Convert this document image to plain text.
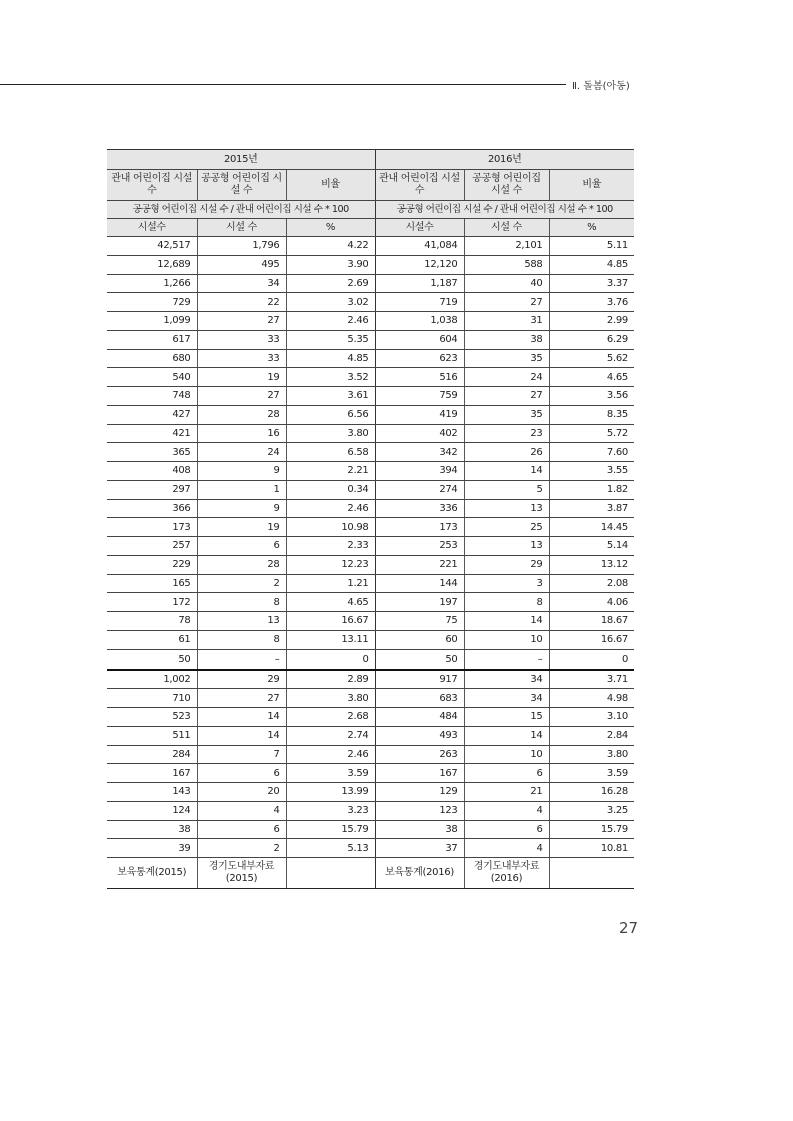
Ⅱ. 돌봄(아동)
2015년			2016년		
관내 어린이집 시설 수	공공형 어린이집 시설 수	비율	관내 어린이집 시설 수	공공형 어린이집 시설 수	비율
공공형 어린이집 시설 수 / 관내 어린이집 시설 수 * 100			공공형 어린이집 시설 수 / 관내 어린이집 시설 수 * 100		
시설수	시설 수	%	시설수	시설 수	%
42,517	1,796	4.22	41,084	2,101	5.11
12,689	495	3.90	12,120	588	4.85
1,266	34	2.69	1,187	40	3.37
729	22	3.02	719	27	3.76
1,099	27	2.46	1,038	31	2.99
617	33	5.35	604	38	6.29
680	33	4.85	623	35	5.62
540	19	3.52	516	24	4.65
748	27	3.61	759	27	3.56
427	28	6.56	419	35	8.35
421	16	3.80	402	23	5.72
365	24	6.58	342	26	7.60
408	9	2.21	394	14	3.55
297	1	0.34	274	5	1.82
366	9	2.46	336	13	3.87
173	19	10.98	173	25	14.45
257	6	2.33	253	13	5.14
229	28	12.23	221	29	13.12
165	2	1.21	144	3	2.08
172	8	4.65	197	8	4.06
78	13	16.67	75	14	18.67
61	8	13.11	60	10	16.67
50	–	0	50	–	0
1,002	29	2.89	917	34	3.71
710	27	3.80	683	34	4.98
523	14	2.68	484	15	3.10
511	14	2.74	493	14	2.84
284	7	2.46	263	10	3.80
167	6	3.59	167	6	3.59
143	20	13.99	129	21	16.28
124	4	3.23	123	4	3.25
38	6	15.79	38	6	15.79
39	2	5.13	37	4	10.81
보육통계(2015)	경기도내부자료 (2015)		보육통계(2016)	경기도내부자료 (2016)	
27
